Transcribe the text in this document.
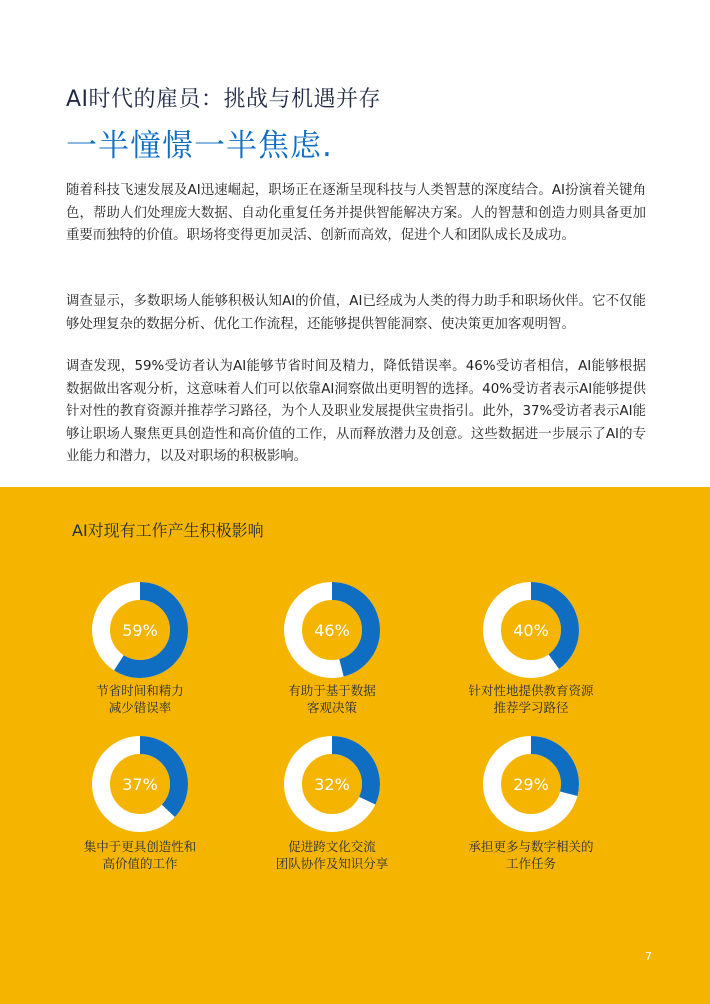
AI时代的雇员：挑战与机遇并存
一半憧憬一半焦虑.

随着科技飞速发展及AI迅速崛起，职场正在逐渐呈现科技与人类智慧的深度结合。AI扮演着关键角色，帮助人们处理庞大数据、自动化重复任务并提供智能解决方案。人的智慧和创造力则具备更加重要而独特的价值。职场将变得更加灵活、创新而高效，促进个人和团队成长及成功。

调查显示，多数职场人能够积极认知AI的价值，AI已经成为人类的得力助手和职场伙伴。它不仅能够处理复杂的数据分析、优化工作流程，还能够提供智能洞察、使决策更加客观明智。

调查发现，59%受访者认为AI能够节省时间及精力，降低错误率。46%受访者相信，AI能够根据数据做出客观分析，这意味着人们可以依靠AI洞察做出更明智的选择。40%受访者表示AI能够提供针对性的教育资源并推荐学习路径，为个人及职业发展提供宝贵指引。此外，37%受访者表示AI能够让职场人聚焦更具创造性和高价值的工作，从而释放潜力及创意。这些数据进一步展示了AI的专业能力和潜力，以及对职场的积极影响。

AI对现有工作产生积极影响
59%
节省时间和精力
减少错误率
46%
有助于基于数据
客观决策
40%
针对性地提供教育资源
推荐学习路径
37%
集中于更具创造性和
高价值的工作
32%
促进跨文化交流
团队协作及知识分享
29%
承担更多与数字相关的
工作任务
7
